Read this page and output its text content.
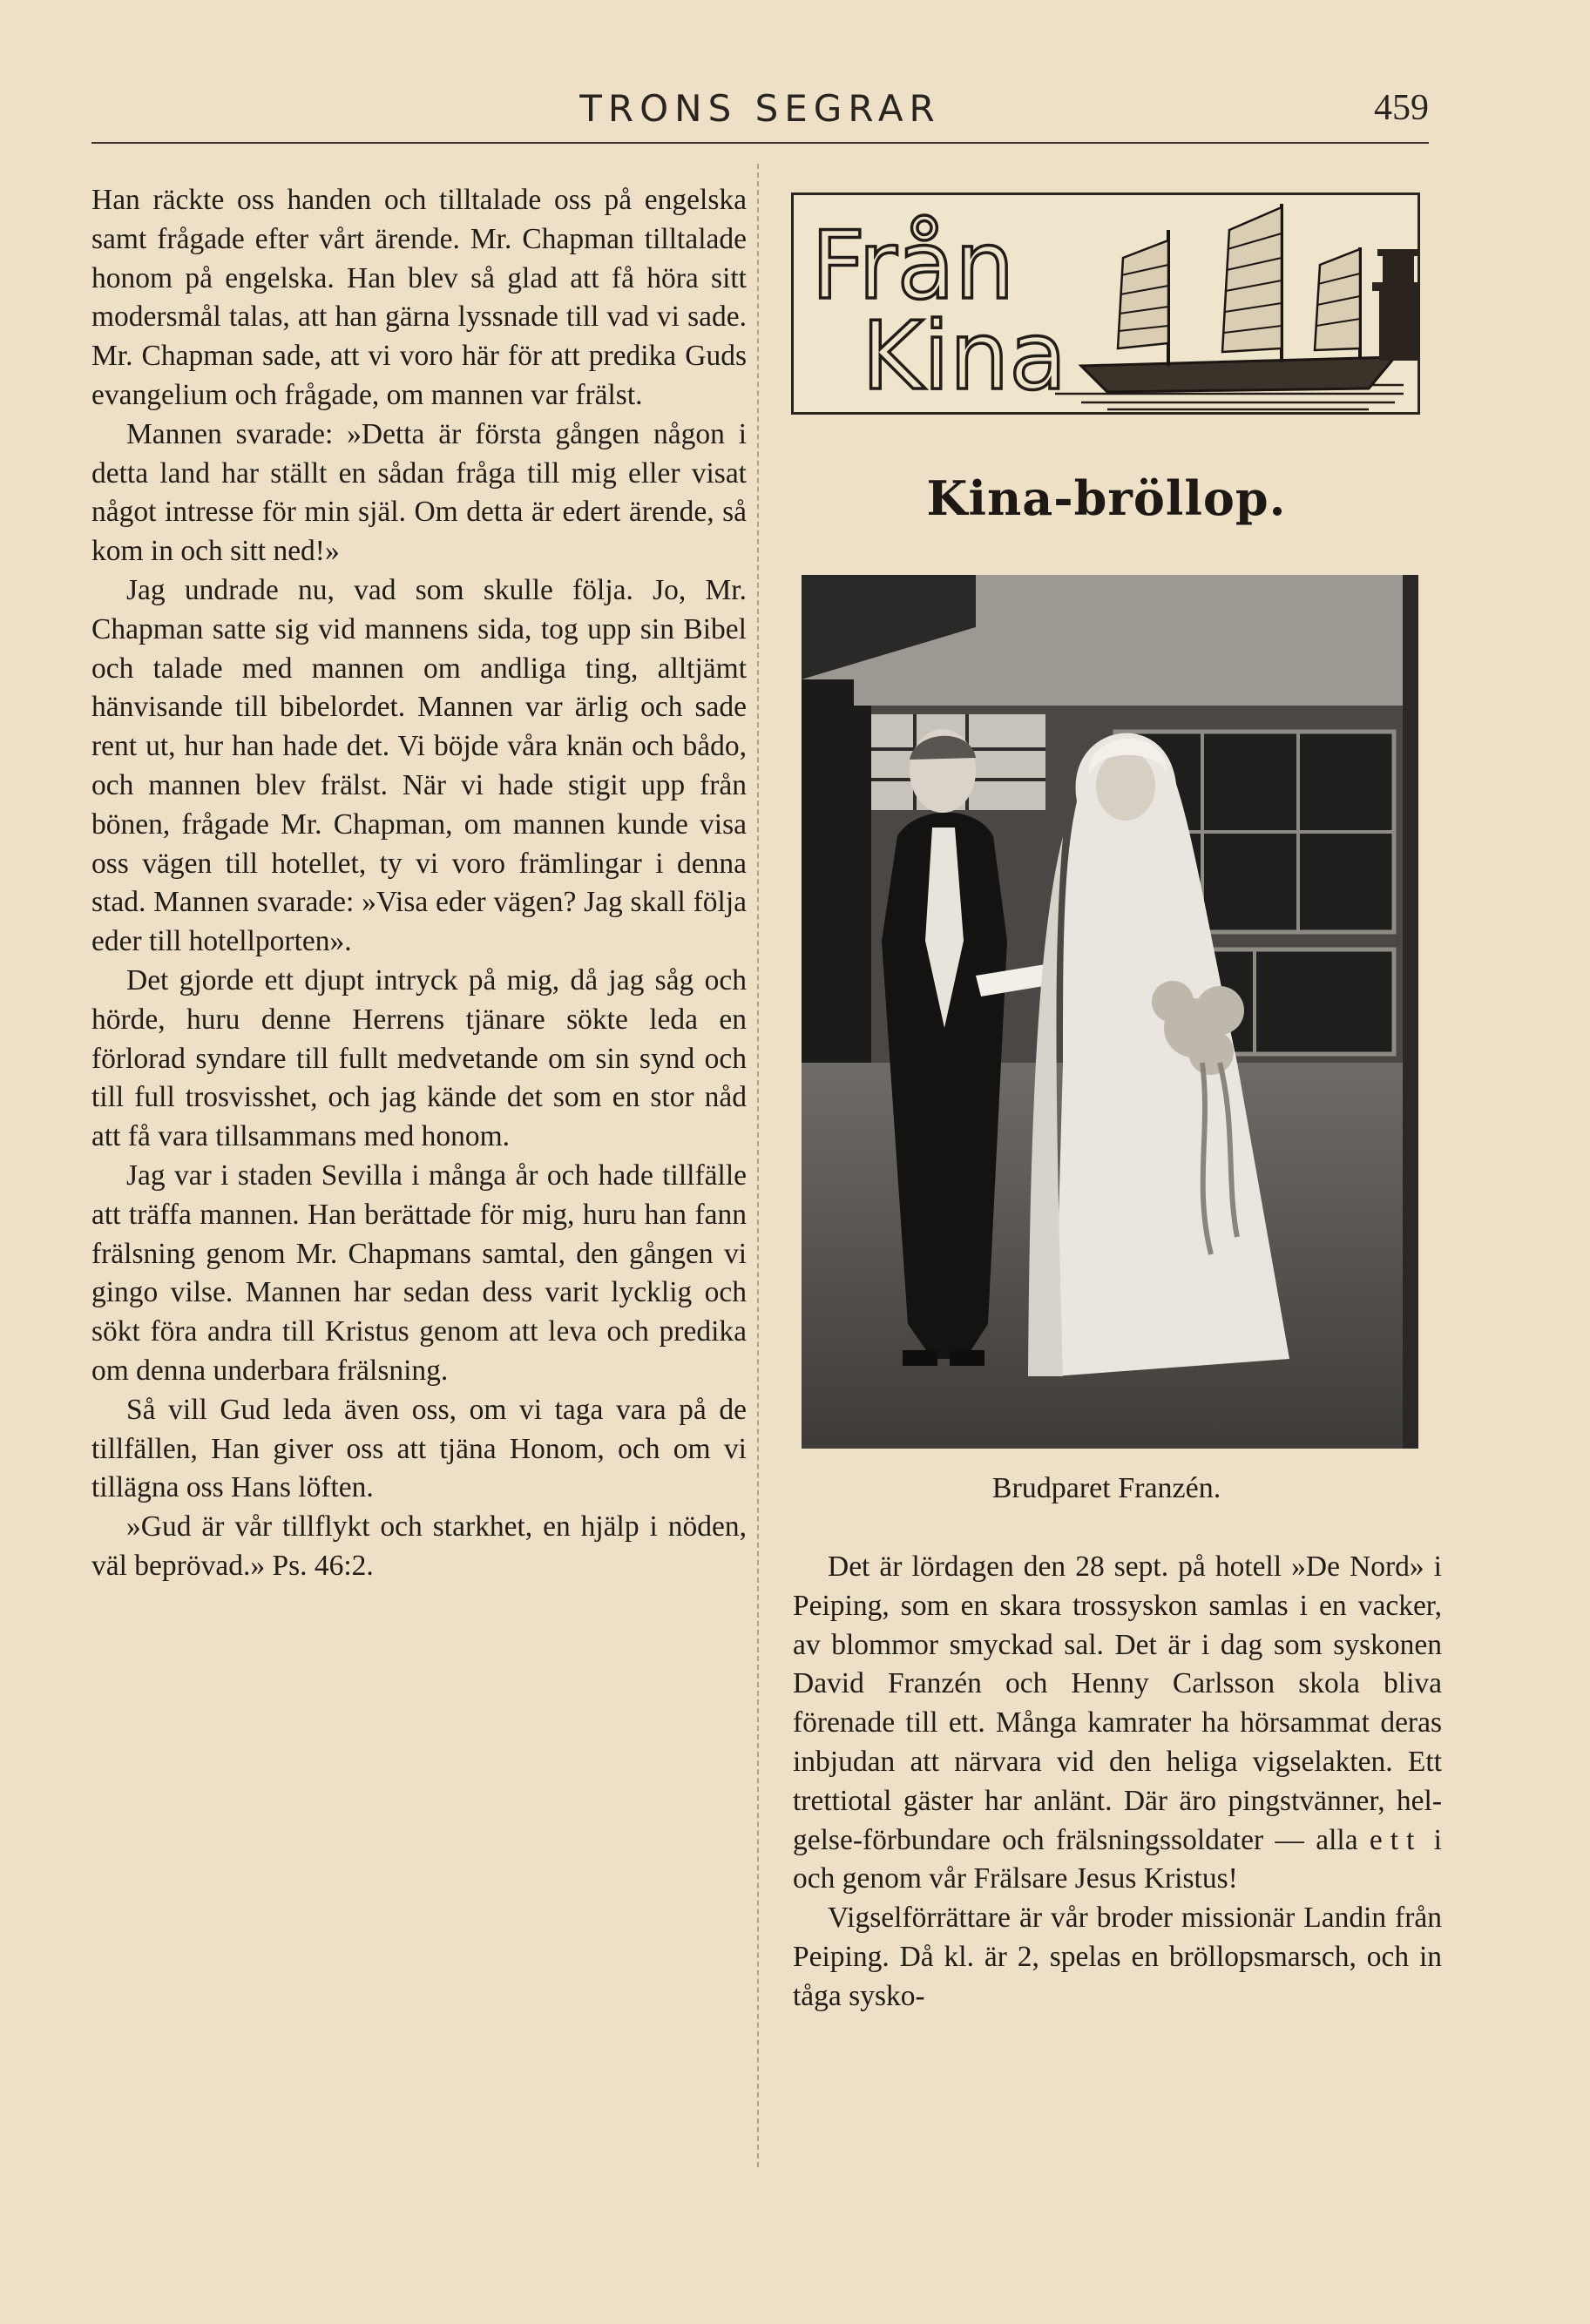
TRONS SEGRAR	459

Han räckte oss handen och tilltalade oss på engelska samt frågade efter vårt ärende. Mr. Chapman tilltalade honom på engelska. Han blev så glad att få höra sitt modersmål talas, att han gärna lyssnade till vad vi sade. Mr. Chapman sade, att vi voro här för att predika Guds evangelium och frågade, om mannen var frälst.

Mannen svarade: »Detta är första gången någon i detta land har ställt en sådan fråga till mig eller visat något intresse för min själ. Om detta är edert ärende, så kom in och sitt ned!»

Jag undrade nu, vad som skulle följa. Jo, Mr. Chapman satte sig vid mannens sida, tog upp sin Bibel och talade med mannen om andliga ting, alltjämt hänvisande till bibelordet. Mannen var ärlig och sade rent ut, hur han hade det. Vi böjde våra knän och bådo, och mannen blev frälst. När vi hade stigit upp från bönen, frågade Mr. Chapman, om mannen kunde visa oss vägen till hotellet, ty vi voro främlingar i denna stad. Mannen svarade: »Visa eder vägen? Jag skall följa eder till hotellporten».

Det gjorde ett djupt intryck på mig, då jag såg och hörde, huru denne Herrens tjänare sökte leda en förlorad syndare till fullt medvetande om sin synd och till full trosvisshet, och jag kände det som en stor nåd att få vara tillsammans med honom.

Jag var i staden Sevilla i många år och hade tillfälle att träffa mannen. Han berättade för mig, huru han fann frälsning genom Mr. Chapmans samtal, den gången vi gingo vilse. Mannen har sedan dess varit lycklig och sökt föra andra till Kristus genom att leva och predika om denna underbara frälsning.

Så vill Gud leda även oss, om vi taga vara på de tillfällen, Han giver oss att tjäna Honom, och om vi tillägna oss Hans löften.

»Gud är vår tillflykt och starkhet, en hjälp i nöden, väl beprövad.» Ps. 46:2.

Från
Kina
Kina-bröllop.
Brudparet Franzén.

Det är lördagen den 28 sept. på hotell »De Nord» i Peiping, som en skara trossyskon samlas i en vacker, av blommor smyckad sal. Det är i dag som syskonen David Franzén och Henny Carlsson skola bliva förenade till ett. Många kamrater ha hörsammat deras inbjudan att närvara vid den heliga vigselakten. Ett trettiotal gäster har anlänt. Där äro pingstvänner, helgelse-förbundare och frälsningssoldater — alla ett i och genom vår Frälsare Jesus Kristus!

Vigselförrättare är vår broder missionär Landin från Peiping. Då kl. är 2, spelas en bröllopsmarsch, och in tåga sysko-
